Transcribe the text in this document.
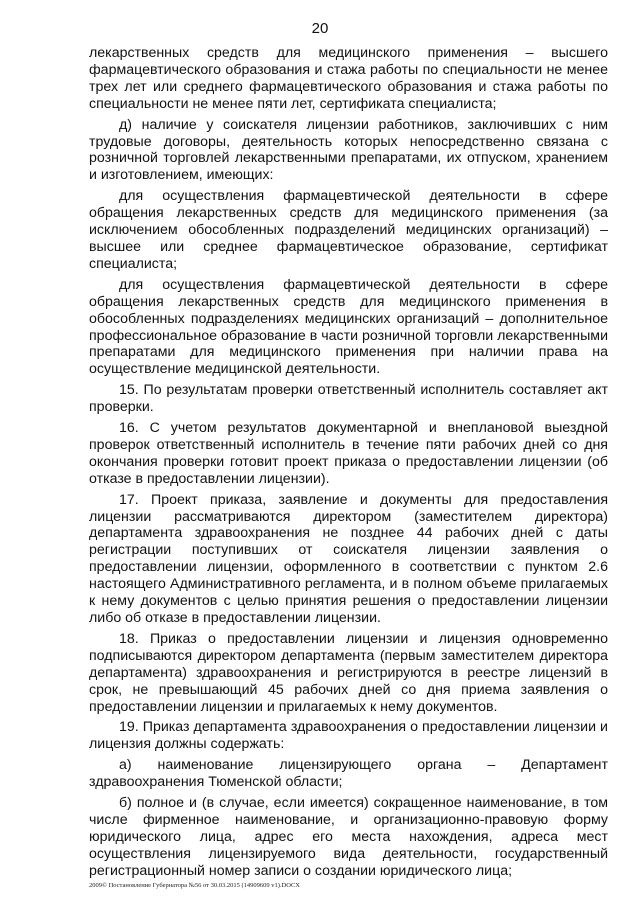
20

лекарственных средств для медицинского применения – высшего фармацевтического образования и стажа работы по специальности не менее трех лет или среднего фармацевтического образования и стажа работы по специальности не менее пяти лет, сертификата специалиста;

д) наличие у соискателя лицензии работников, заключивших с ним трудовые договоры, деятельность которых непосредственно связана с розничной торговлей лекарственными препаратами, их отпуском, хранением и изготовлением, имеющих:

для осуществления фармацевтической деятельности в сфере обращения лекарственных средств для медицинского применения (за исключением обособленных подразделений медицинских организаций) – высшее или среднее фармацевтическое образование, сертификат специалиста;

для осуществления фармацевтической деятельности в сфере обращения лекарственных средств для медицинского применения в обособленных подразделениях медицинских организаций – дополнительное профессиональное образование в части розничной торговли лекарственными препаратами для медицинского применения при наличии права на осуществление медицинской деятельности.

15. По результатам проверки ответственный исполнитель составляет акт проверки.

16. С учетом результатов документарной и внеплановой выездной проверок ответственный исполнитель в течение пяти рабочих дней со дня окончания проверки готовит проект приказа о предоставлении лицензии (об отказе в предоставлении лицензии).

17. Проект приказа, заявление и документы для предоставления лицензии рассматриваются директором (заместителем директора) департамента здравоохранения не позднее 44 рабочих дней с даты регистрации поступивших от соискателя лицензии заявления о предоставлении лицензии, оформленного в соответствии с пунктом 2.6 настоящего Административного регламента, и в полном объеме прилагаемых к нему документов с целью принятия решения о предоставлении лицензии либо об отказе в предоставлении лицензии.

18. Приказ о предоставлении лицензии и лицензия одновременно подписываются директором департамента (первым заместителем директора департамента) здравоохранения и регистрируются в реестре лицензий в срок, не превышающий 45 рабочих дней со дня приема заявления о предоставлении лицензии и прилагаемых к нему документов.

19. Приказ департамента здравоохранения о предоставлении лицензии и лицензия должны содержать:

а) наименование лицензирующего органа – Департамент здравоохранения Тюменской области;

б) полное и (в случае, если имеется) сокращенное наименование, в том числе фирменное наименование, и организационно-правовую форму юридического лица, адрес его места нахождения, адреса мест осуществления лицензируемого вида деятельности, государственный регистрационный номер записи о создании юридического лица;

2009© Постановление Губернатора №56 от 30.03.2015 (14909609 v1).DOCX
